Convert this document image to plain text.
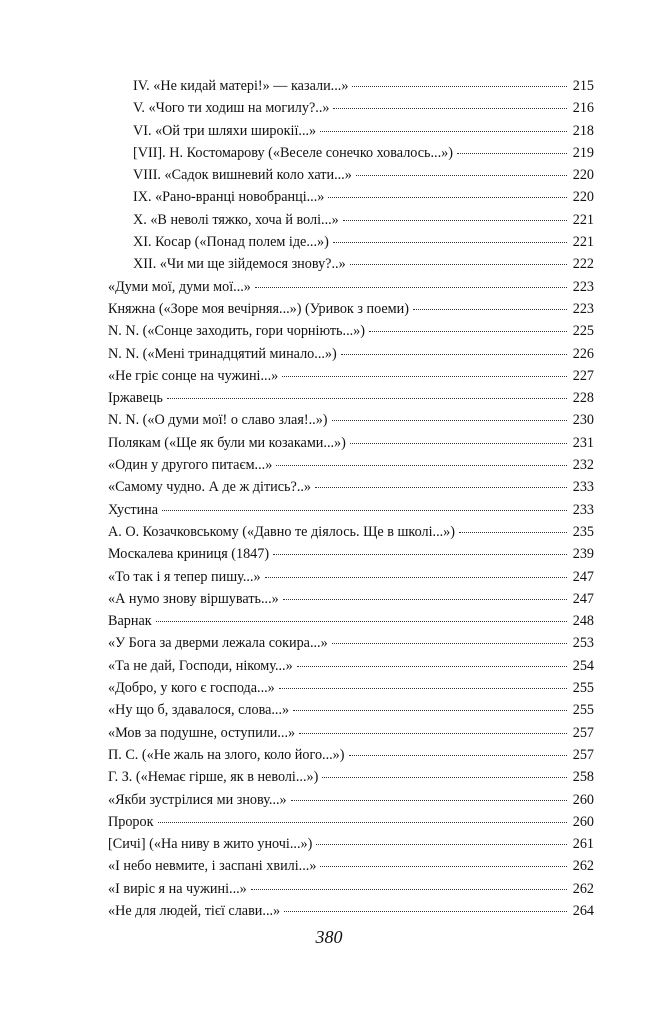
IV. «Не кидай матері!» — казали...»	215
V. «Чого ти ходиш на могилу?..»	216
VI. «Ой три шляхи широкії...»	218
[VII]. Н. Костомарову («Веселе сонечко ховалось...»)	219
VIII. «Садок вишневий коло хати...»	220
IX. «Рано-вранці новобранці...»	220
X. «В неволі тяжко, хоча й волі...»	221
XI. Косар («Понад полем іде...»)	221
XII. «Чи ми ще зійдемося знову?..»	222
«Думи мої, думи мої...»	223
Княжна («Зоре моя вечірняя...») (Уривок з поеми)	223
N. N. («Сонце заходить, гори чорніють...»)	225
N. N. («Мені тринадцятий минало...»)	226
«Не гріє сонце на чужині...»	227
Іржавець	228
N. N. («О думи мої! о славо злая!..»)	230
Полякам («Ще як були ми козаками...»)	231
«Один у другого питаєм...»	232
«Самому чудно. А де ж дітись?..»	233
Хустина	233
А. О. Козачковському («Давно те діялось. Ще в школі...»)	235
Москалева криниця (1847)	239
«То так і я тепер пишу...»	247
«А нумо знову віршувать...»	247
Варнак	248
«У Бога за дверми лежала сокира...»	253
«Та не дай, Господи, нікому...»	254
«Добро, у кого є господа...»	255
«Ну що б, здавалося, слова...»	255
«Мов за подушне, оступили...»	257
П. С. («Не жаль на злого, коло його...»)	257
Г. З. («Немає гірше, як в неволі...»)	258
«Якби зустрілися ми знову...»	260
Пророк	260
[Сичі] («На ниву в жито уночі...»)	261
«І небо невмите, і заспані хвилі...»	262
«І виріс я на чужині...»	262
«Не для людей, тієї слави...»	264
380
